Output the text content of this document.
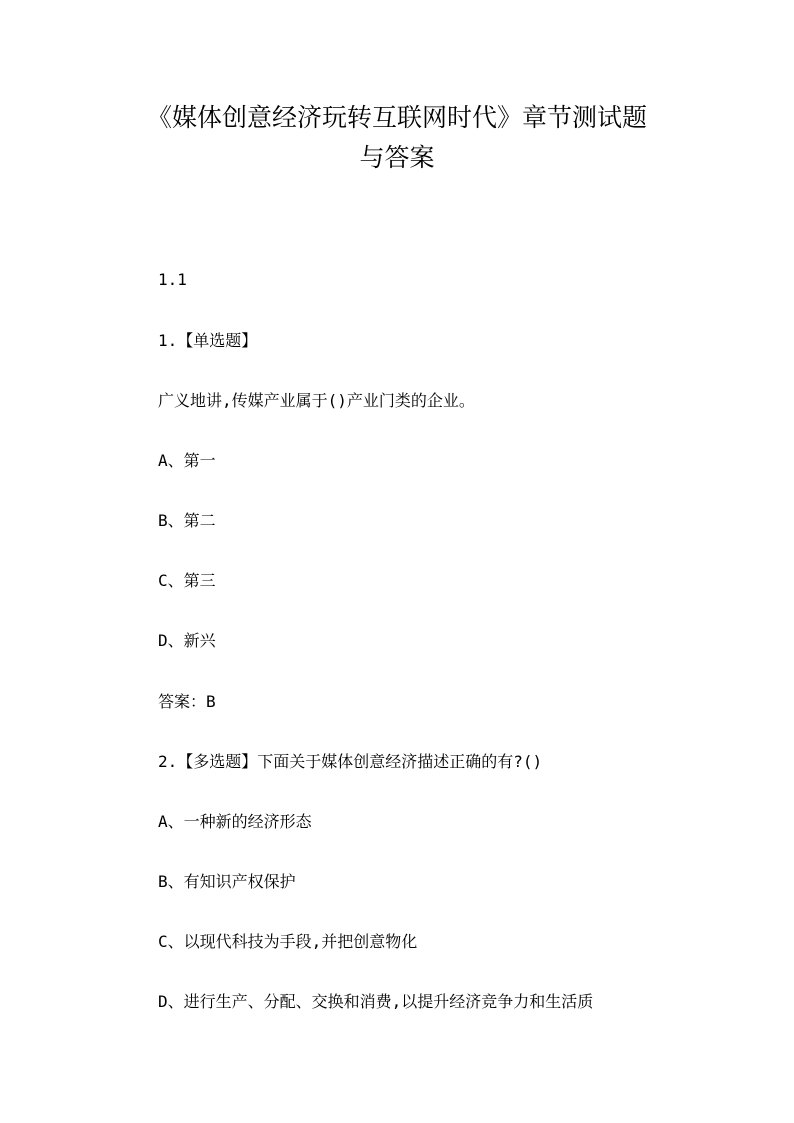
《媒体创意经济玩转互联网时代》章节测试题
与答案
1.1
1.【单选题】
广义地讲,传媒产业属于()产业门类的企业。
A、第一
B、第二
C、第三
D、新兴
答案：B
2.【多选题】下面关于媒体创意经济描述正确的有?()
A、一种新的经济形态
B、有知识产权保护
C、以现代科技为手段,并把创意物化
D、进行生产、分配、交换和消费,以提升经济竞争力和生活质
